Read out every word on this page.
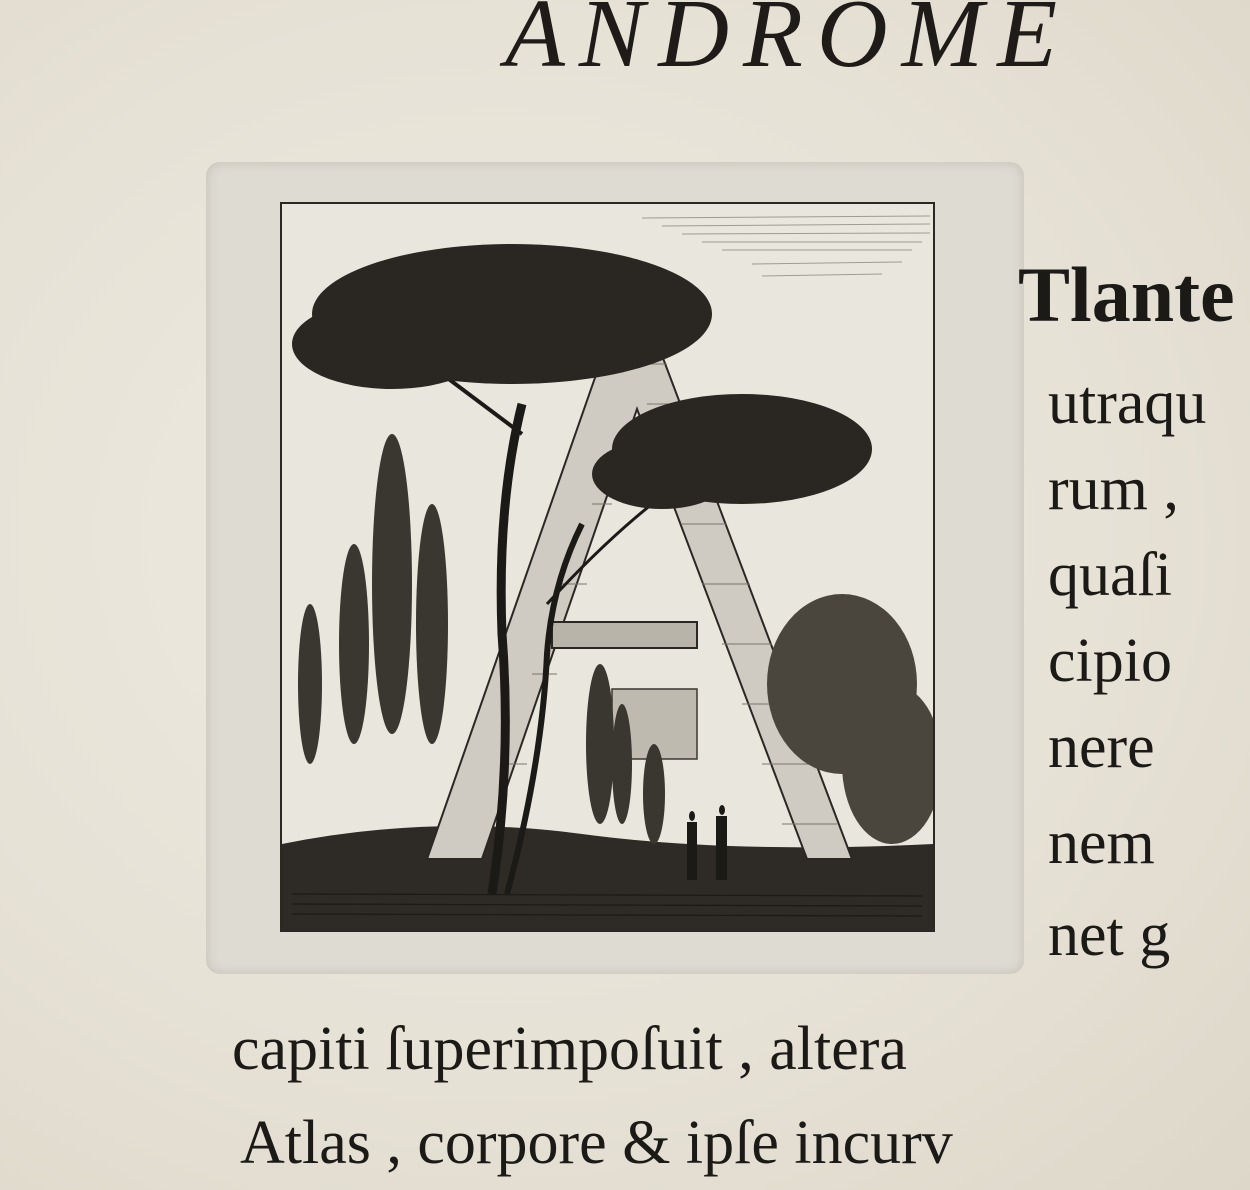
ANDROME

Tlante

utraqu

rum ,

quaſi

cipio

nere

nem

net g

capiti ſuperimpoſuit , altera

Atlas , corpore & ipſe incurv
